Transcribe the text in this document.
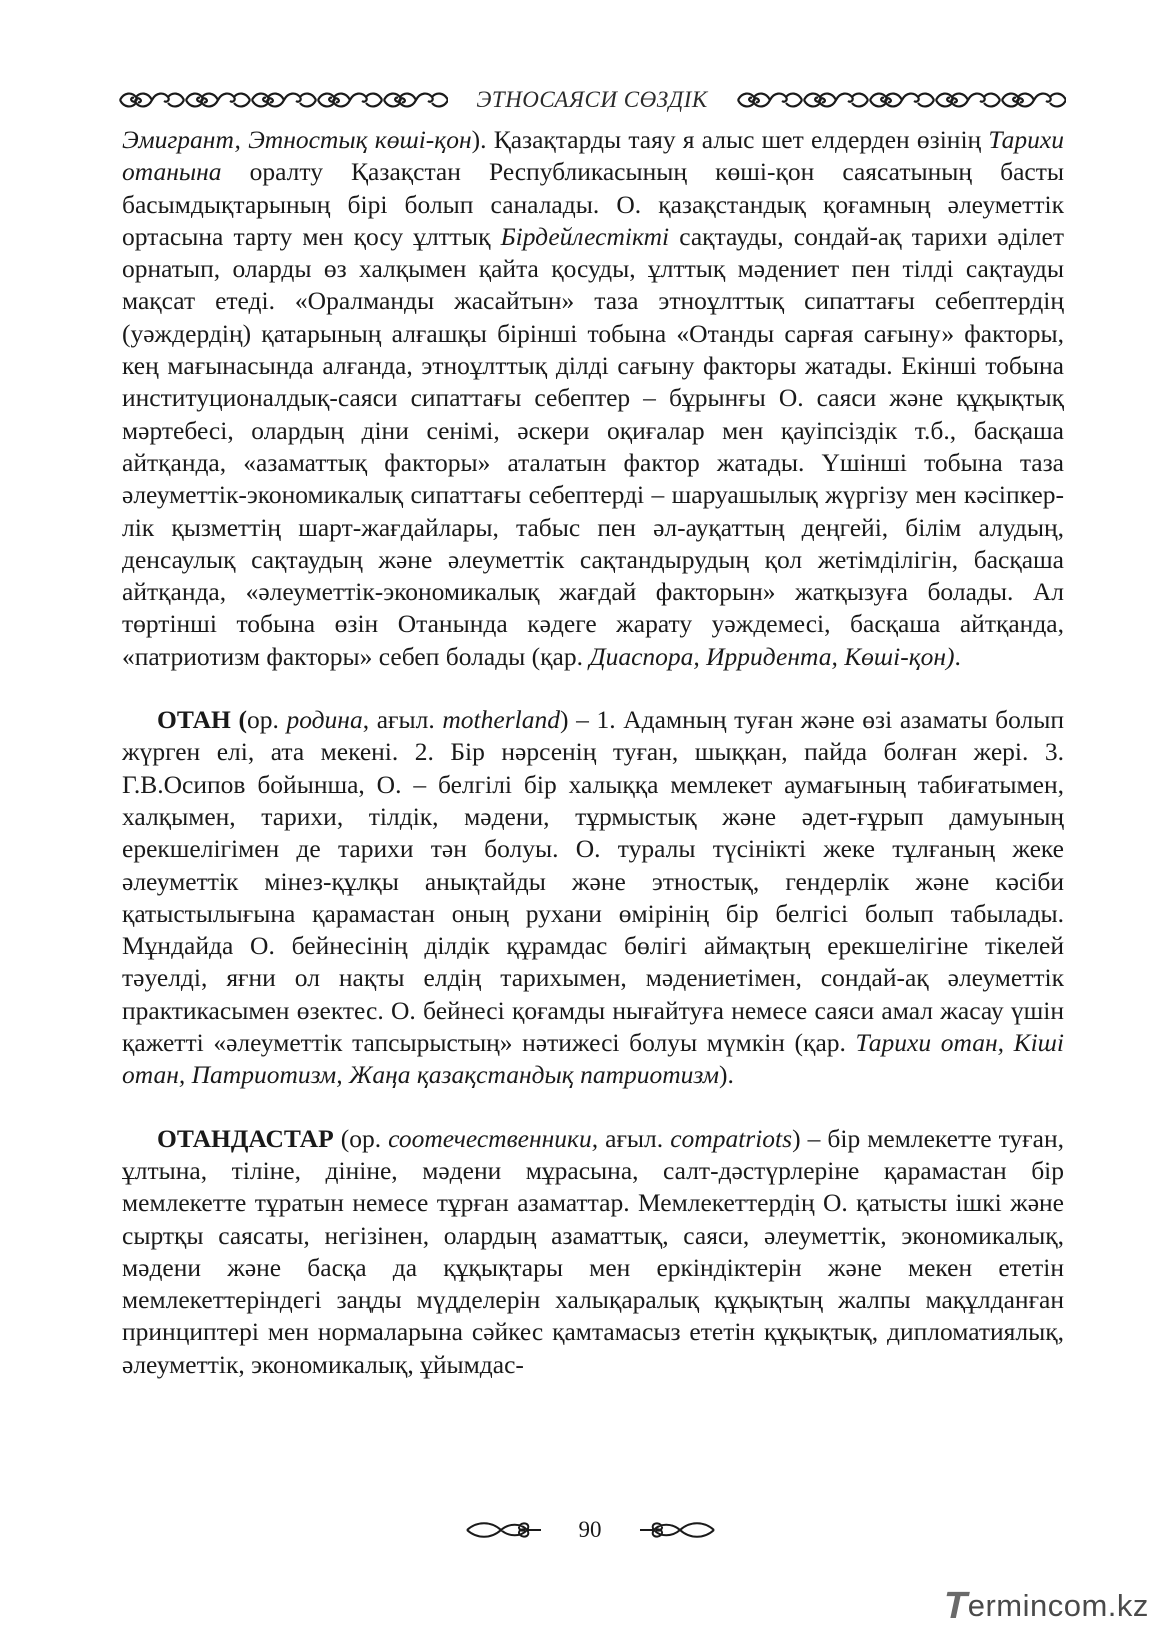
ЭТНОСАЯСИ СӨЗДІК

Эмигрант, Этностық көші-қон). Қазақтарды таяу я алыс шет елдерден өзінің Тарихи отанына оралту Қазақстан Республикасының көші-қон саясатының басты басымдықтарының бірі болып саналады. О. қазақстандық қоғамның әлеуметтік ортасына тарту мен қосу ұлттық Бірдейлестікті сақтауды, сондай-ақ тарихи әділет орнатып, оларды өз халқымен қайта қосуды, ұлттық мәдениет пен тілді сақтауды мақсат етеді. «Оралманды жасайтын» таза этноұлттық сипаттағы себептердің (уәждердің) қатарының алғашқы бірінші тобына «Отанды сарғая сағыну» факторы, кең мағынасында алғанда, этноұлттық ділді сағыну факторы жатады. Екінші тобына институционалдық-саяси сипаттағы себептер – бұрынғы О. саяси және құқықтық мәртебесі, олардың діни сенімі, әскери оқиғалар мен қауіпсіздік т.б., басқаша айтқанда, «азаматтық факторы» аталатын фактор жатады. Үшінші тобына таза әлеуметтік-экономикалық сипаттағы себептерді – шаруашылық жүргізу мен кәсіпкерлік қызметтің шарт-жағдайлары, табыс пен әл-ауқаттың деңгейі, білім алудың, денсаулық сақтаудың және әлеуметтік сақтандырудың қол жетімділігін, басқаша айтқанда, «әлеуметтік-экономикалық жағдай факторын» жатқызуға болады. Ал төртінші тобына өзін Отанында кәдеге жарату уәждемесі, басқаша айтқанда, «патриотизм факторы» себеп болады (қар. Диаспора, Ирридента, Көші-қон).

ОТАН (ор. родина, ағыл. motherland) – 1. Адамның туған және өзі азаматы болып жүрген елі, ата мекені. 2. Бір нәрсенің туған, шыққан, пайда болған жері. 3. Г.В.Осипов бойынша, О. – белгілі бір халыққа мемлекет аумағының табиғатымен, халқымен, тарихи, тілдік, мәдени, тұрмыстық және әдет-ғұрып дамуының ерекшелігімен де тарихи тән болуы. О. туралы түсінікті жеке тұлғаның жеке әлеуметтік мінез-құлқы анықтайды және этностық, гендерлік және кәсіби қатыстылығына қарамастан оның рухани өмірінің бір белгісі болып табылады. Мұндайда О. бейнесінің ділдік құрамдас бөлігі аймақтың ерекшелігіне тікелей тәуелді, яғни ол нақты елдің тарихымен, мәдениетімен, сондай-ақ әлеуметтік практикасымен өзектес. О. бейнесі қоғамды нығайтуға немесе саяси амал жасау үшін қажетті «әлеуметтік тапсырыстың» нәтижесі болуы мүмкін (қар. Тарихи отан, Кіші отан, Патриотизм, Жаңа қазақстандық патриотизм).

ОТАНДАСТАР (ор. соотечественники, ағыл. compatriots) – бір мемлекетте туған, ұлтына, тіліне, дініне, мәдени мұрасына, салт-дәстүрлеріне қарамастан бір мемлекетте тұратын немесе тұрған азаматтар. Мемлекеттердің О. қатысты ішкі және сыртқы саясаты, негізінен, олардың азаматтық, саяси, әлеуметтік, экономикалық, мәдени және басқа да құқықтары мен еркіндіктерін және мекен ететін мемлекеттеріндегі заңды мүдделерін халықаралық құқықтың жалпы мақұлданған принциптері мен нормаларына сәйкес қамтамасыз ететін құқықтық, дипломатиялық, әлеуметтік, экономикалық, ұйымдас-

90
T
ermincom.kz
